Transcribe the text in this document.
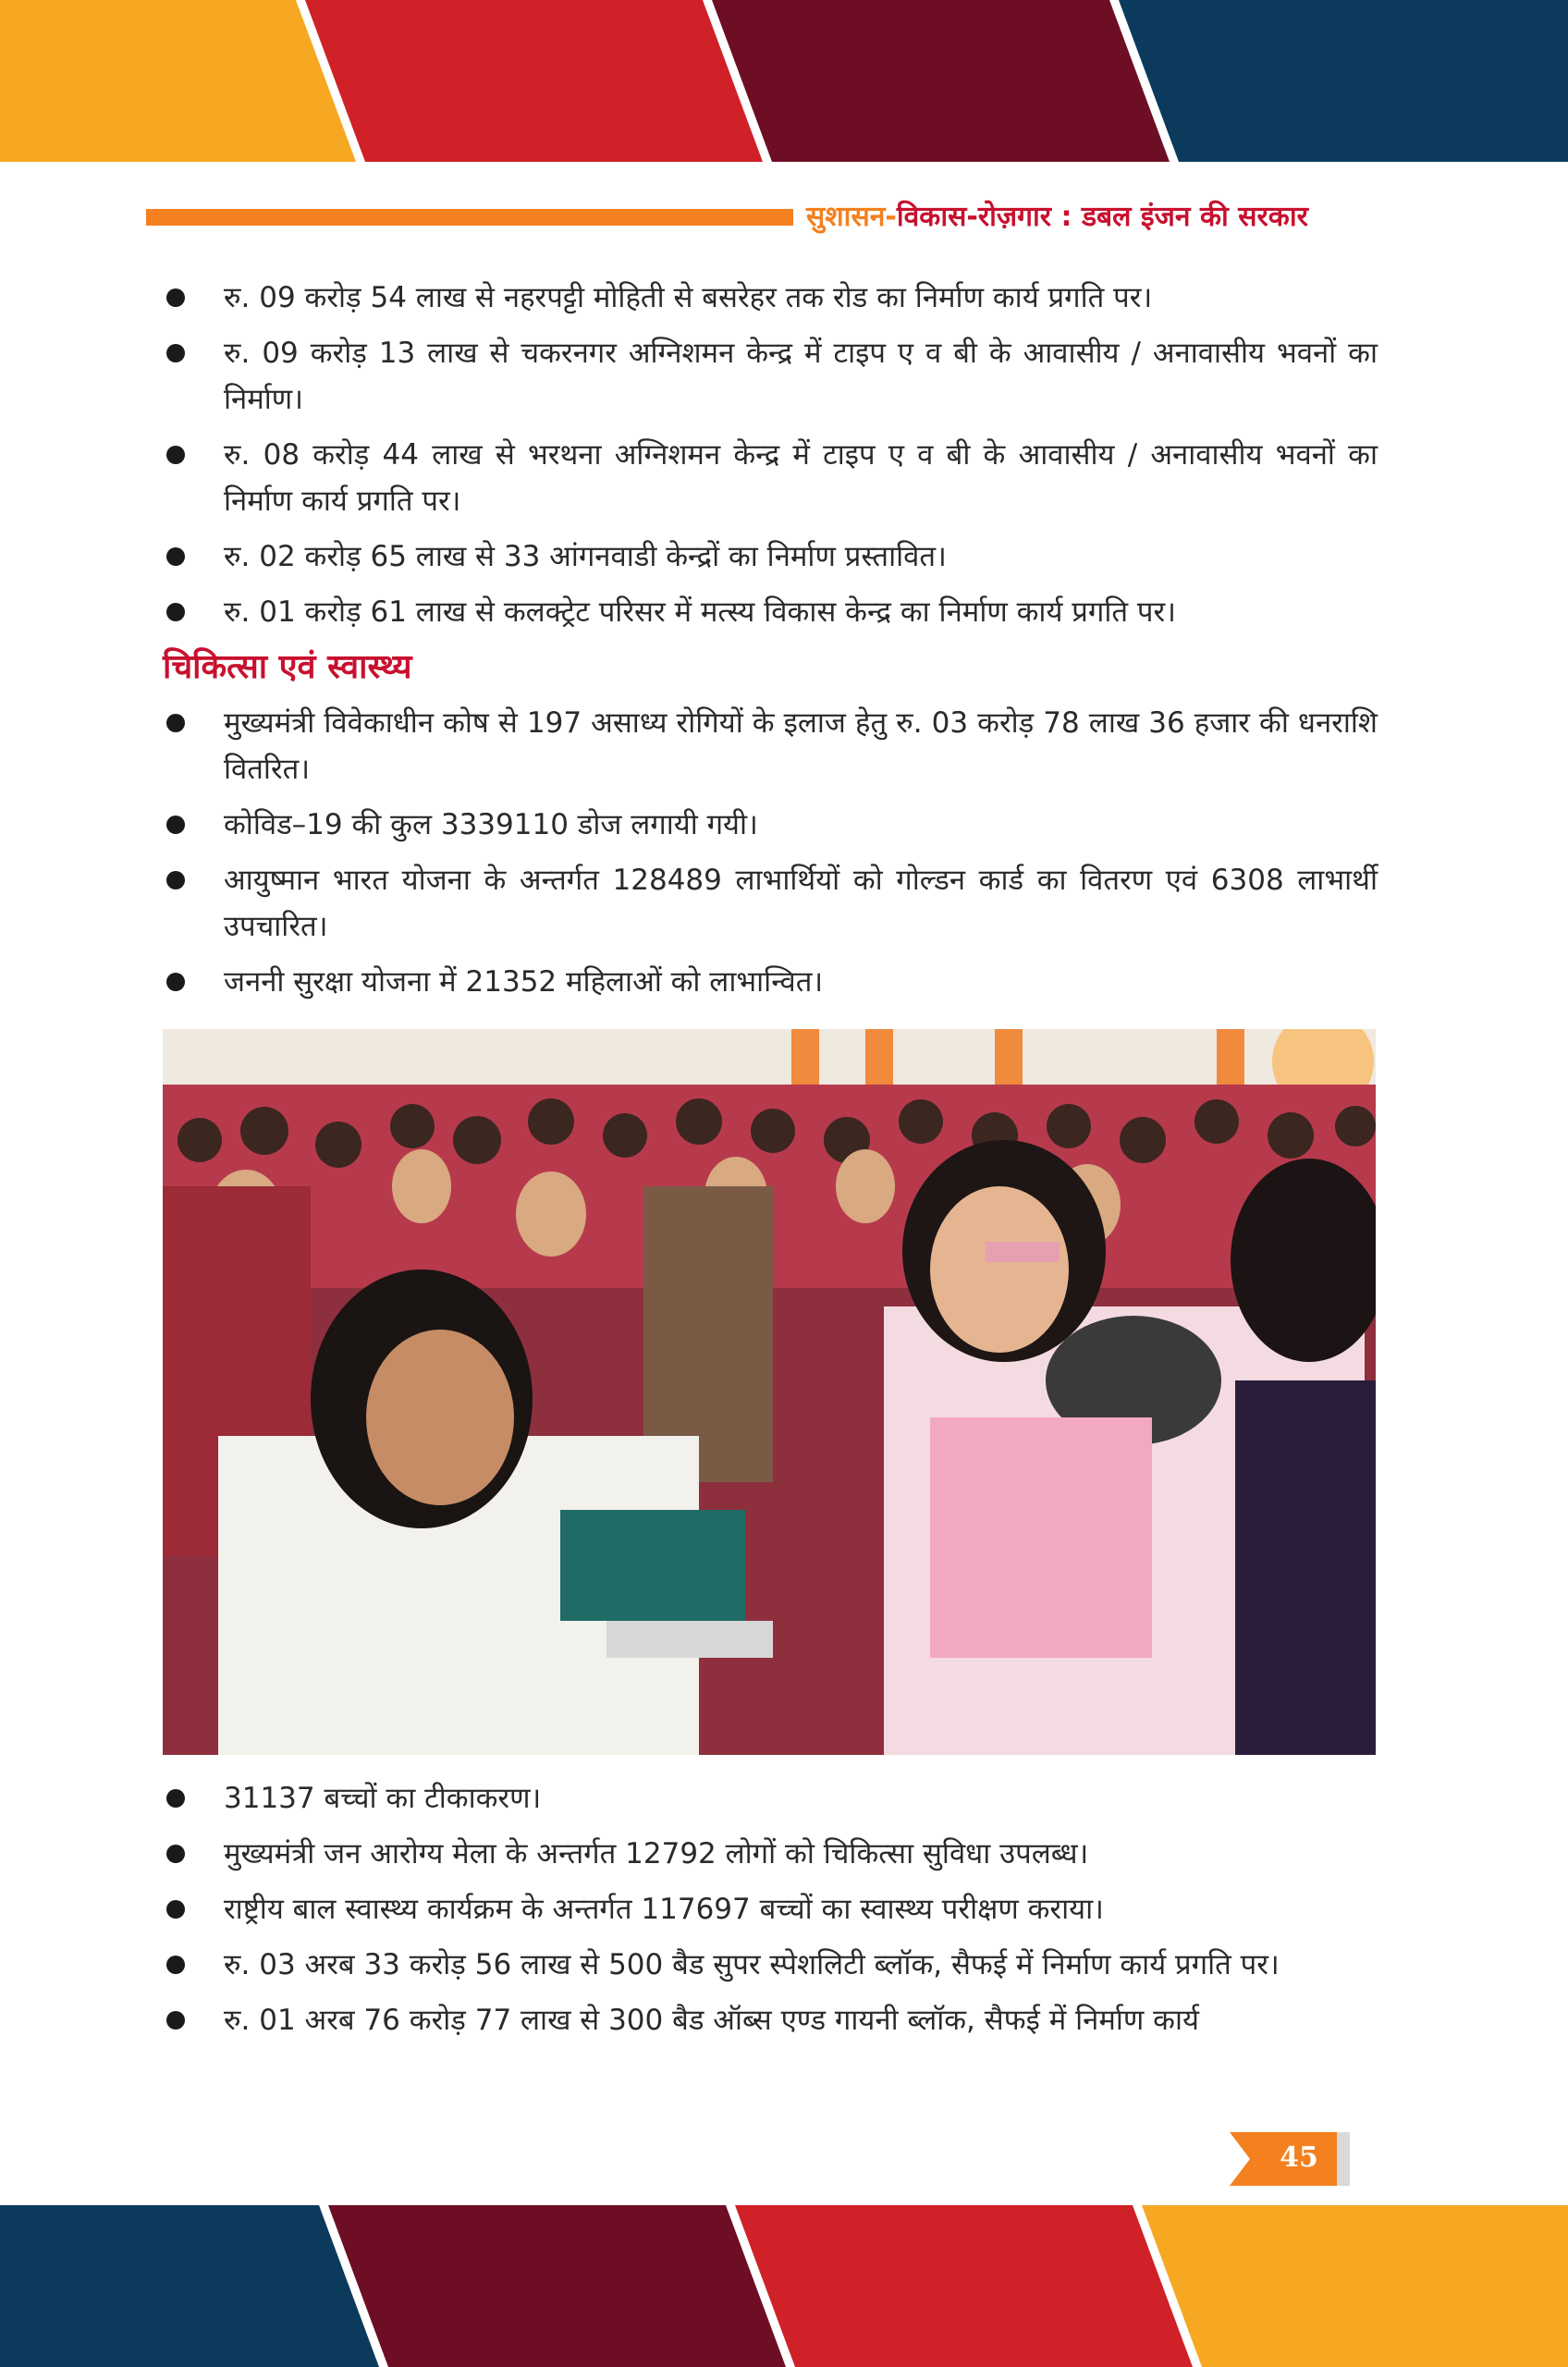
सुशासन-विकास-रोज़गार : डबल इंजन की सरकार
रु. 09 करोड़ 54 लाख से नहरपट्टी मोहिती से बसरेहर तक रोड का निर्माण कार्य प्रगति पर।
रु. 09 करोड़ 13 लाख से चकरनगर अग्निशमन केन्द्र में टाइप ए व बी के आवासीय / अनावासीय भवनों का निर्माण।
रु. 08 करोड़ 44 लाख से भरथना अग्निशमन केन्द्र में टाइप ए व बी के आवासीय / अनावासीय भवनों का निर्माण कार्य प्रगति पर।
रु. 02 करोड़ 65 लाख से 33 आंगनवाडी केन्द्रों का निर्माण प्रस्तावित।
रु. 01 करोड़ 61 लाख से कलक्ट्रेट परिसर में मत्स्य विकास केन्द्र का निर्माण कार्य प्रगति पर।
चिकित्सा एवं स्वास्थ्य
मुख्यमंत्री विवेकाधीन कोष से 197 असाध्य रोगियों के इलाज हेतु रु. 03 करोड़ 78 लाख 36 हजार की धनराशि वितरित।
कोविड–19 की कुल 3339110 डोज लगायी गयी।
आयुष्मान भारत योजना के अन्तर्गत 128489 लाभार्थियों को गोल्डन कार्ड का वितरण एवं 6308 लाभार्थी उपचारित।
जननी सुरक्षा योजना में 21352 महिलाओं को लाभान्वित।
31137 बच्चों का टीकाकरण।
मुख्यमंत्री जन आरोग्य मेला के अन्तर्गत 12792 लोगों को चिकित्सा सुविधा उपलब्ध।
राष्ट्रीय बाल स्वास्थ्य कार्यक्रम के अन्तर्गत 117697 बच्चों का स्वास्थ्य परीक्षण कराया।
रु. 03 अरब 33 करोड़ 56 लाख से 500 बैड सुपर स्पेशलिटी ब्लॉक, सैफई में निर्माण कार्य प्रगति पर।
रु. 01 अरब 76 करोड़ 77 लाख से 300 बैड ऑब्स एण्ड गायनी ब्लॉक, सैफई में निर्माण कार्य
45
